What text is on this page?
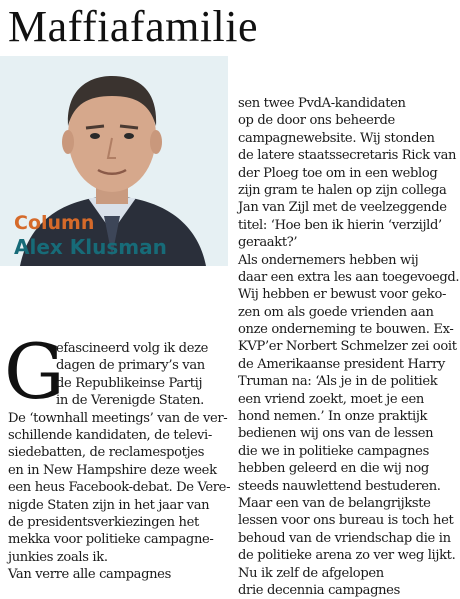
Maffiafamilie
Column
Alex Klusman
G
efascineerd volg ik deze
dagen de primary’s van
de Republikeinse Partij
in de Verenigde Staten.
De ‘townhall meetings’ van de ver-
schillende kandidaten, de televi-
siedebatten, de reclamespotjes
en in New Hampshire deze week
een heus Facebook-debat. De Vere-
nigde Staten zijn in het jaar van
de presidentsverkiezingen het
mekka voor politieke campagne-
junkies zoals ik.
Van verre alle campagnes
sen twee PvdA-kandidaten
op de door ons beheerde
campagnewebsite. Wij stonden
de latere staatssecretaris Rick van
der Ploeg toe om in een weblog
zijn gram te halen op zijn collega
Jan van Zijl met de veelzeggende
titel: ‘Hoe ben ik hierin ‘verzijld’
geraakt?’
Als ondernemers hebben wij
daar een extra les aan toegevoegd.
Wij hebben er bewust voor geko-
zen om als goede vrienden aan
onze onderneming te bouwen. Ex-
KVP’er Norbert Schmelzer zei ooit
de Amerikaanse president Harry
Truman na: ‘Als je in de politiek
een vriend zoekt, moet je een
hond nemen.’ In onze praktijk
bedienen wij ons van de lessen
die we in politieke campagnes
hebben geleerd en die wij nog
steeds nauwlettend bestuderen.
Maar een van de belangrijkste
lessen voor ons bureau is toch het
behoud van de vriendschap die in
de politieke arena zo ver weg lijkt.
Nu ik zelf de afgelopen
drie decennia campagnes
